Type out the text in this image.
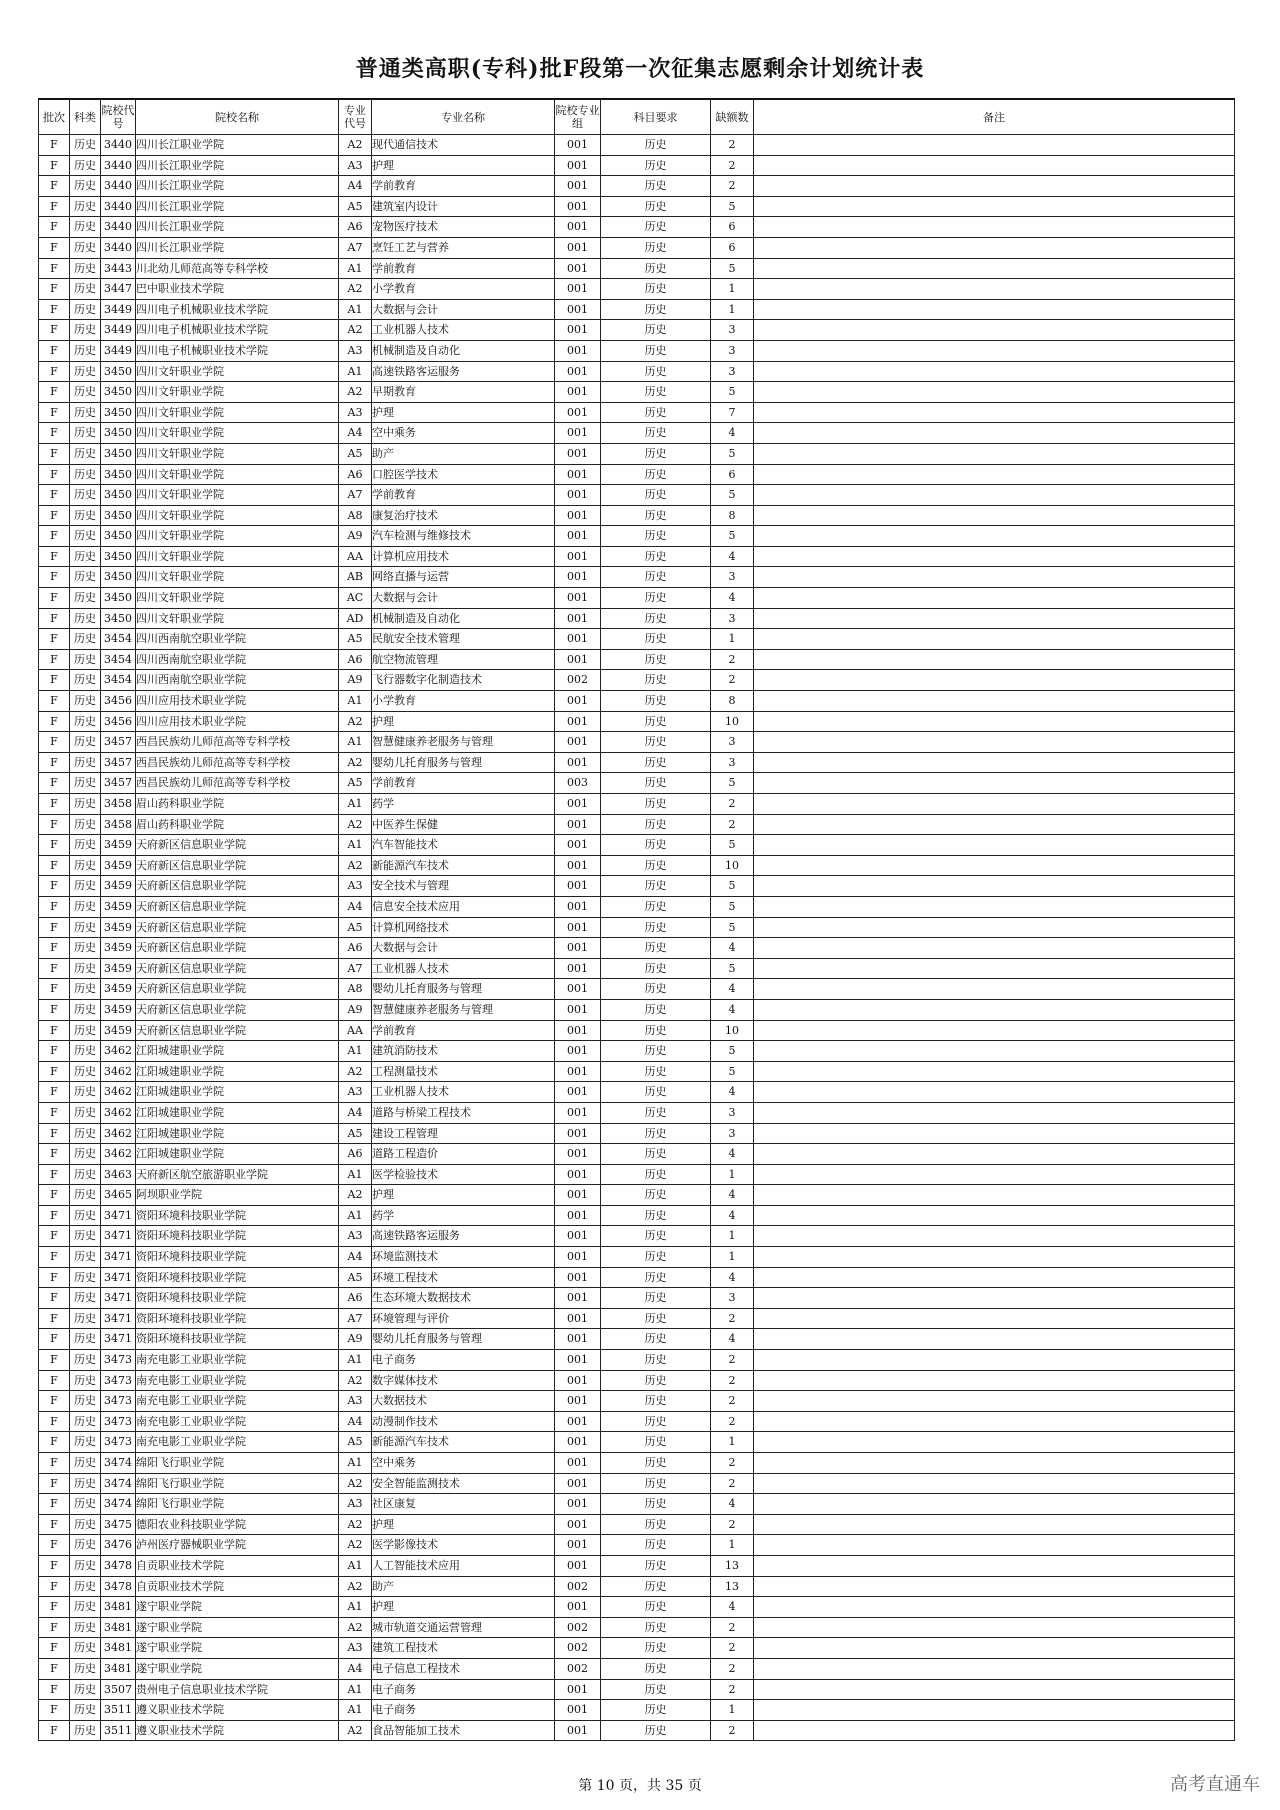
普通类高职(专科)批F段第一次征集志愿剩余计划统计表
批次	科类	院校代号	院校名称	专业代号	专业名称	院校专业组	科目要求	缺额数	备注
F	历史	3440	四川长江职业学院	A2	现代通信技术	001	历史	2	
F	历史	3440	四川长江职业学院	A3	护理	001	历史	2	
F	历史	3440	四川长江职业学院	A4	学前教育	001	历史	2	
F	历史	3440	四川长江职业学院	A5	建筑室内设计	001	历史	5	
F	历史	3440	四川长江职业学院	A6	宠物医疗技术	001	历史	6	
F	历史	3440	四川长江职业学院	A7	烹饪工艺与营养	001	历史	6	
F	历史	3443	川北幼儿师范高等专科学校	A1	学前教育	001	历史	5	
F	历史	3447	巴中职业技术学院	A2	小学教育	001	历史	1	
F	历史	3449	四川电子机械职业技术学院	A1	大数据与会计	001	历史	1	
F	历史	3449	四川电子机械职业技术学院	A2	工业机器人技术	001	历史	3	
F	历史	3449	四川电子机械职业技术学院	A3	机械制造及自动化	001	历史	3	
F	历史	3450	四川文轩职业学院	A1	高速铁路客运服务	001	历史	3	
F	历史	3450	四川文轩职业学院	A2	早期教育	001	历史	5	
F	历史	3450	四川文轩职业学院	A3	护理	001	历史	7	
F	历史	3450	四川文轩职业学院	A4	空中乘务	001	历史	4	
F	历史	3450	四川文轩职业学院	A5	助产	001	历史	5	
F	历史	3450	四川文轩职业学院	A6	口腔医学技术	001	历史	6	
F	历史	3450	四川文轩职业学院	A7	学前教育	001	历史	5	
F	历史	3450	四川文轩职业学院	A8	康复治疗技术	001	历史	8	
F	历史	3450	四川文轩职业学院	A9	汽车检测与维修技术	001	历史	5	
F	历史	3450	四川文轩职业学院	AA	计算机应用技术	001	历史	4	
F	历史	3450	四川文轩职业学院	AB	网络直播与运营	001	历史	3	
F	历史	3450	四川文轩职业学院	AC	大数据与会计	001	历史	4	
F	历史	3450	四川文轩职业学院	AD	机械制造及自动化	001	历史	3	
F	历史	3454	四川西南航空职业学院	A5	民航安全技术管理	001	历史	1	
F	历史	3454	四川西南航空职业学院	A6	航空物流管理	001	历史	2	
F	历史	3454	四川西南航空职业学院	A9	飞行器数字化制造技术	002	历史	2	
F	历史	3456	四川应用技术职业学院	A1	小学教育	001	历史	8	
F	历史	3456	四川应用技术职业学院	A2	护理	001	历史	10	
F	历史	3457	西昌民族幼儿师范高等专科学校	A1	智慧健康养老服务与管理	001	历史	3	
F	历史	3457	西昌民族幼儿师范高等专科学校	A2	婴幼儿托育服务与管理	001	历史	3	
F	历史	3457	西昌民族幼儿师范高等专科学校	A5	学前教育	003	历史	5	
F	历史	3458	眉山药科职业学院	A1	药学	001	历史	2	
F	历史	3458	眉山药科职业学院	A2	中医养生保健	001	历史	2	
F	历史	3459	天府新区信息职业学院	A1	汽车智能技术	001	历史	5	
F	历史	3459	天府新区信息职业学院	A2	新能源汽车技术	001	历史	10	
F	历史	3459	天府新区信息职业学院	A3	安全技术与管理	001	历史	5	
F	历史	3459	天府新区信息职业学院	A4	信息安全技术应用	001	历史	5	
F	历史	3459	天府新区信息职业学院	A5	计算机网络技术	001	历史	5	
F	历史	3459	天府新区信息职业学院	A6	大数据与会计	001	历史	4	
F	历史	3459	天府新区信息职业学院	A7	工业机器人技术	001	历史	5	
F	历史	3459	天府新区信息职业学院	A8	婴幼儿托育服务与管理	001	历史	4	
F	历史	3459	天府新区信息职业学院	A9	智慧健康养老服务与管理	001	历史	4	
F	历史	3459	天府新区信息职业学院	AA	学前教育	001	历史	10	
F	历史	3462	江阳城建职业学院	A1	建筑消防技术	001	历史	5	
F	历史	3462	江阳城建职业学院	A2	工程测量技术	001	历史	5	
F	历史	3462	江阳城建职业学院	A3	工业机器人技术	001	历史	4	
F	历史	3462	江阳城建职业学院	A4	道路与桥梁工程技术	001	历史	3	
F	历史	3462	江阳城建职业学院	A5	建设工程管理	001	历史	3	
F	历史	3462	江阳城建职业学院	A6	道路工程造价	001	历史	4	
F	历史	3463	天府新区航空旅游职业学院	A1	医学检验技术	001	历史	1	
F	历史	3465	阿坝职业学院	A2	护理	001	历史	4	
F	历史	3471	资阳环境科技职业学院	A1	药学	001	历史	4	
F	历史	3471	资阳环境科技职业学院	A3	高速铁路客运服务	001	历史	1	
F	历史	3471	资阳环境科技职业学院	A4	环境监测技术	001	历史	1	
F	历史	3471	资阳环境科技职业学院	A5	环境工程技术	001	历史	4	
F	历史	3471	资阳环境科技职业学院	A6	生态环境大数据技术	001	历史	3	
F	历史	3471	资阳环境科技职业学院	A7	环境管理与评价	001	历史	2	
F	历史	3471	资阳环境科技职业学院	A9	婴幼儿托育服务与管理	001	历史	4	
F	历史	3473	南充电影工业职业学院	A1	电子商务	001	历史	2	
F	历史	3473	南充电影工业职业学院	A2	数字媒体技术	001	历史	2	
F	历史	3473	南充电影工业职业学院	A3	大数据技术	001	历史	2	
F	历史	3473	南充电影工业职业学院	A4	动漫制作技术	001	历史	2	
F	历史	3473	南充电影工业职业学院	A5	新能源汽车技术	001	历史	1	
F	历史	3474	绵阳飞行职业学院	A1	空中乘务	001	历史	2	
F	历史	3474	绵阳飞行职业学院	A2	安全智能监测技术	001	历史	2	
F	历史	3474	绵阳飞行职业学院	A3	社区康复	001	历史	4	
F	历史	3475	德阳农业科技职业学院	A2	护理	001	历史	2	
F	历史	3476	泸州医疗器械职业学院	A2	医学影像技术	001	历史	1	
F	历史	3478	自贡职业技术学院	A1	人工智能技术应用	001	历史	13	
F	历史	3478	自贡职业技术学院	A2	助产	002	历史	13	
F	历史	3481	遂宁职业学院	A1	护理	001	历史	4	
F	历史	3481	遂宁职业学院	A2	城市轨道交通运营管理	002	历史	2	
F	历史	3481	遂宁职业学院	A3	建筑工程技术	002	历史	2	
F	历史	3481	遂宁职业学院	A4	电子信息工程技术	002	历史	2	
F	历史	3507	贵州电子信息职业技术学院	A1	电子商务	001	历史	2	
F	历史	3511	遵义职业技术学院	A1	电子商务	001	历史	1	
F	历史	3511	遵义职业技术学院	A2	食品智能加工技术	001	历史	2	
第 10 页，共 35 页	高考直通车
